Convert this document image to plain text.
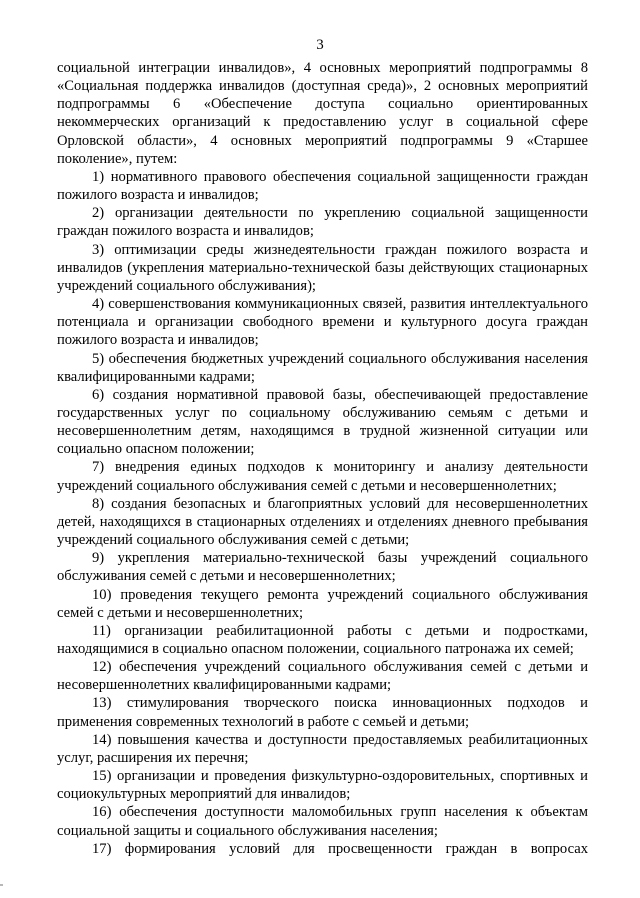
3

социальной интеграции инвалидов», 4 основных мероприятий подпрограммы 8 «Социальная поддержка инвалидов (доступная среда)», 2 основных мероприятий подпрограммы 6 «Обеспечение доступа социально ориентированных некоммерческих организаций к предоставлению услуг в социальной сфере Орловской области», 4 основных мероприятий подпрограммы 9 «Старшее поколение», путем:

1) нормативного правового обеспечения социальной защищенности граждан пожилого возраста и инвалидов;

2) организации деятельности по укреплению социальной защищенности граждан пожилого возраста и инвалидов;

3) оптимизации среды жизнедеятельности граждан пожилого возраста и инвалидов (укрепления материально-технической базы действующих стационарных учреждений социального обслуживания);

4) совершенствования коммуникационных связей, развития интеллектуального потенциала и организации свободного времени и культурного досуга граждан пожилого возраста и инвалидов;

5) обеспечения бюджетных учреждений социального обслуживания населения квалифицированными кадрами;

6) создания нормативной правовой базы, обеспечивающей предоставление государственных услуг по социальному обслуживанию семьям с детьми и несовершеннолетним детям, находящимся в трудной жизненной ситуации или социально опасном положении;

7) внедрения единых подходов к мониторингу и анализу деятельности учреждений социального обслуживания семей с детьми и несовершеннолетних;

8) создания безопасных и благоприятных условий для несовершеннолетних детей, находящихся в стационарных отделениях и отделениях дневного пребывания учреждений социального обслуживания семей с детьми;

9) укрепления материально-технической базы учреждений социального обслуживания семей с детьми и несовершеннолетних;

10) проведения текущего ремонта учреждений социального обслуживания семей с детьми и несовершеннолетних;

11) организации реабилитационной работы с детьми и подростками, находящимися в социально опасном положении, социального патронажа их семей;

12) обеспечения учреждений социального обслуживания семей с детьми и несовершеннолетних квалифицированными кадрами;

13) стимулирования творческого поиска инновационных подходов и применения современных технологий в работе с семьей и детьми;

14) повышения качества и доступности предоставляемых реабилитационных услуг, расширения их перечня;

15) организации и проведения физкультурно-оздоровительных, спортивных и социокультурных мероприятий для инвалидов;

16) обеспечения доступности маломобильных групп населения к объектам социальной защиты и социального обслуживания населения;

17) формирования условий для просвещенности граждан в вопросах
